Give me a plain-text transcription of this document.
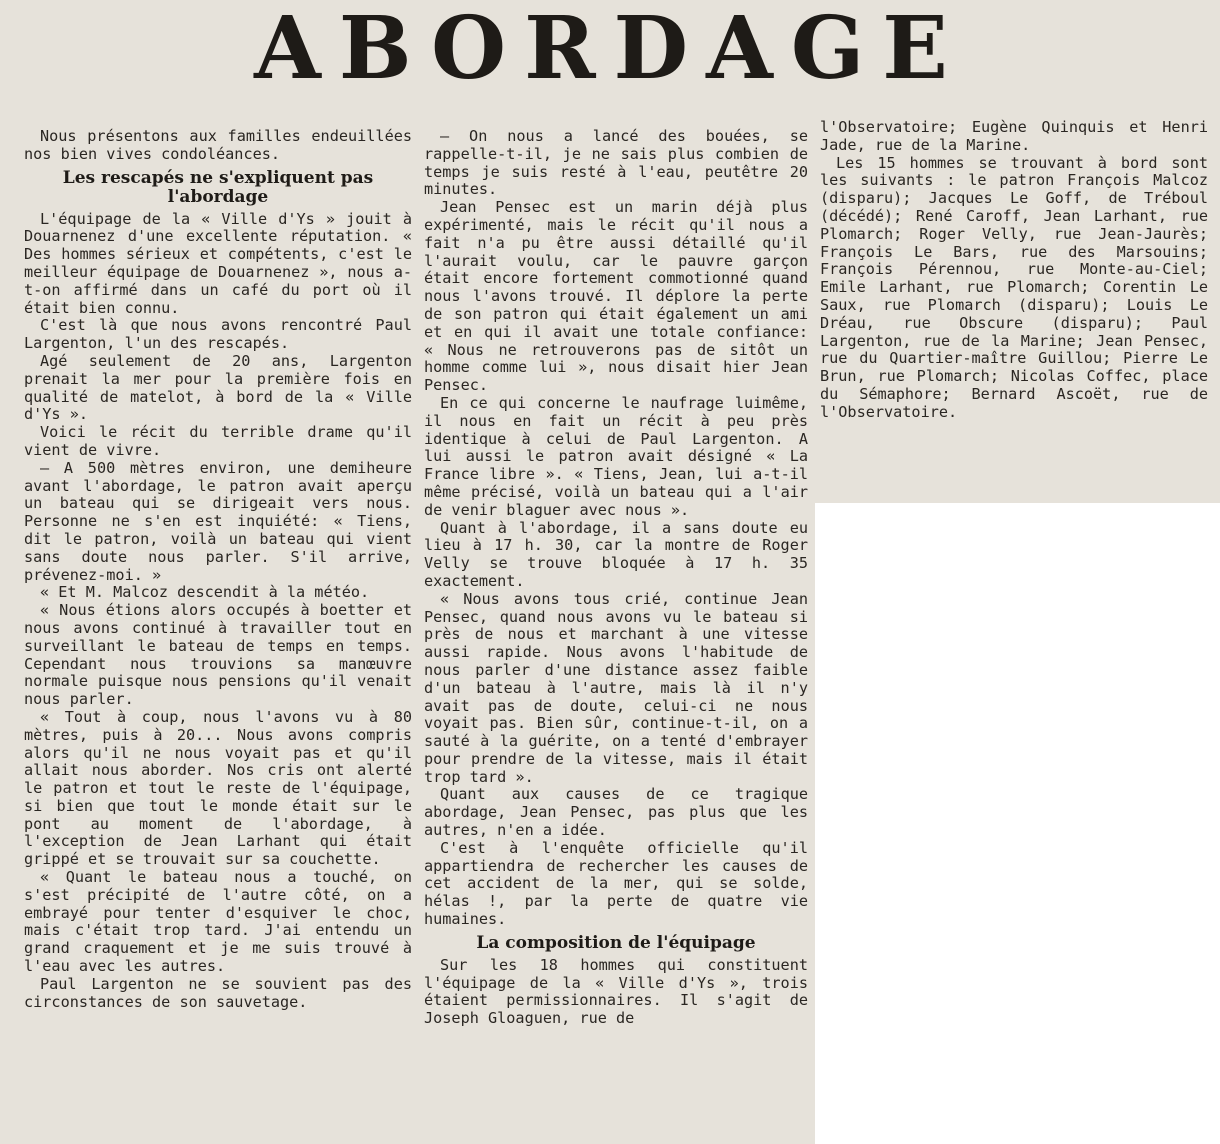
ABORDAGE

Nous présentons aux familles endeuillées nos bien vives condoléances.

Les rescapés ne s'expliquent pas l'abordage

L'équipage de la « Ville d'Ys » jouit à Douarnenez d'une excellente réputation. « Des hommes sérieux et compétents, c'est le meilleur équipage de Douarnenez », nous a-t-on affirmé dans un café du port où il était bien connu.

C'est là que nous avons rencontré Paul Largenton, l'un des rescapés.

Agé seulement de 20 ans, Largenton prenait la mer pour la première fois en qualité de matelot, à bord de la « Ville d'Ys ».

Voici le récit du terrible drame qu'il vient de vivre.

— A 500 mètres environ, une demiheure avant l'abordage, le patron avait aperçu un bateau qui se dirigeait vers nous. Personne ne s'en est inquiété: « Tiens, dit le patron, voilà un bateau qui vient sans doute nous parler. S'il arrive, prévenez-moi. »

« Et M. Malcoz descendit à la météo.

« Nous étions alors occupés à boetter et nous avons continué à travailler tout en surveillant le bateau de temps en temps. Cependant nous trouvions sa manœuvre normale puisque nous pensions qu'il venait nous parler.

« Tout à coup, nous l'avons vu à 80 mètres, puis à 20... Nous avons compris alors qu'il ne nous voyait pas et qu'il allait nous aborder. Nos cris ont alerté le patron et tout le reste de l'équipage, si bien que tout le monde était sur le pont au moment de l'abordage, à l'exception de Jean Larhant qui était grippé et se trouvait sur sa couchette.

« Quant le bateau nous a touché, on s'est précipité de l'autre côté, on a embrayé pour tenter d'esquiver le choc, mais c'était trop tard. J'ai entendu un grand craquement et je me suis trouvé à l'eau avec les autres.

Paul Largenton ne se souvient pas des circonstances de son sauvetage.

— On nous a lancé des bouées, se rappelle-t-il, je ne sais plus combien de temps je suis resté à l'eau, peutêtre 20 minutes.

Jean Pensec est un marin déjà plus expérimenté, mais le récit qu'il nous a fait n'a pu être aussi détaillé qu'il l'aurait voulu, car le pauvre garçon était encore fortement commotionné quand nous l'avons trouvé. Il déplore la perte de son patron qui était également un ami et en qui il avait une totale confiance: « Nous ne retrouverons pas de sitôt un homme comme lui », nous disait hier Jean Pensec.

En ce qui concerne le naufrage luimême, il nous en fait un récit à peu près identique à celui de Paul Largenton. A lui aussi le patron avait désigné « La France libre ». « Tiens, Jean, lui a-t-il même précisé, voilà un bateau qui a l'air de venir blaguer avec nous ».

Quant à l'abordage, il a sans doute eu lieu à 17 h. 30, car la montre de Roger Velly se trouve bloquée à 17 h. 35 exactement.

« Nous avons tous crié, continue Jean Pensec, quand nous avons vu le bateau si près de nous et marchant à une vitesse aussi rapide. Nous avons l'habitude de nous parler d'une distance assez faible d'un bateau à l'autre, mais là il n'y avait pas de doute, celui-ci ne nous voyait pas. Bien sûr, continue-t-il, on a sauté à la guérite, on a tenté d'embrayer pour prendre de la vitesse, mais il était trop tard ».

Quant aux causes de ce tragique abordage, Jean Pensec, pas plus que les autres, n'en a idée.

C'est à l'enquête officielle qu'il appartiendra de rechercher les causes de cet accident de la mer, qui se solde, hélas !, par la perte de quatre vie humaines.

La composition de l'équipage

Sur les 18 hommes qui constituent l'équipage de la « Ville d'Ys », trois étaient permissionnaires. Il s'agit de Joseph Gloaguen, rue de

l'Observatoire; Eugène Quinquis et Henri Jade, rue de la Marine.

Les 15 hommes se trouvant à bord sont les suivants : le patron François Malcoz (disparu); Jacques Le Goff, de Tréboul (décédé); René Caroff, Jean Larhant, rue Plomarch; Roger Velly, rue Jean-Jaurès; François Le Bars, rue des Marsouins; François Pérennou, rue Monte-au-Ciel; Emile Larhant, rue Plomarch; Corentin Le Saux, rue Plomarch (disparu); Louis Le Dréau, rue Obscure (disparu); Paul Largenton, rue de la Marine; Jean Pensec, rue du Quartier-maître Guillou; Pierre Le Brun, rue Plomarch; Nicolas Coffec, place du Sémaphore; Bernard Ascoët, rue de l'Observatoire.
